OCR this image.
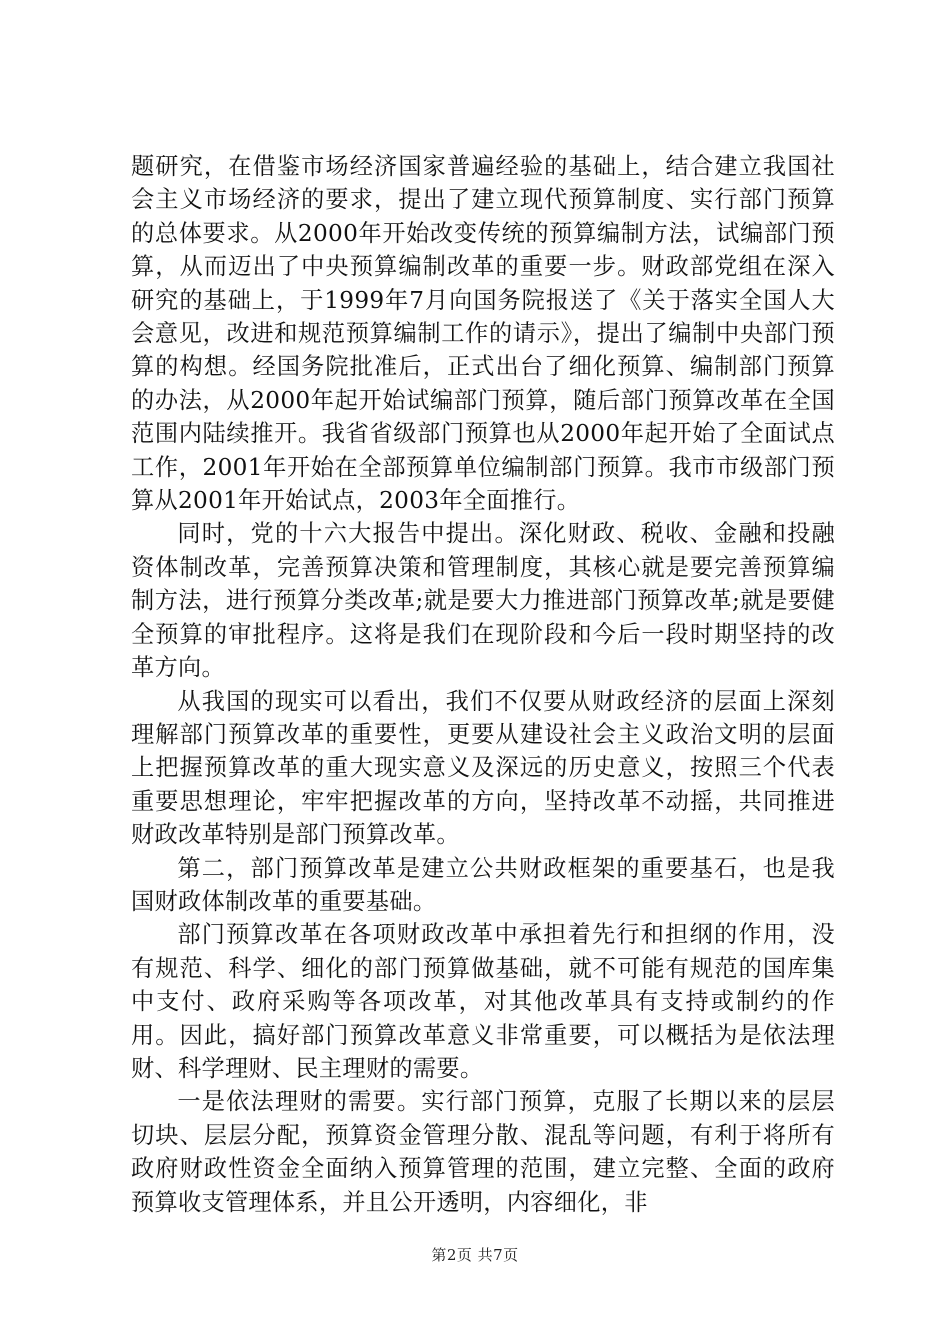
题研究，在借鉴市场经济国家普遍经验的基础上，结合建立我国社会主义市场经济的要求，提出了建立现代预算制度、实行部门预算的总体要求。从2000年开始改变传统的预算编制方法，试编部门预算，从而迈出了中央预算编制改革的重要一步。财政部党组在深入研究的基础上，于1999年7月向国务院报送了《关于落实全国人大会意见，改进和规范预算编制工作的请示》，提出了编制中央部门预算的构想。经国务院批准后，正式出台了细化预算、编制部门预算的办法，从2000年起开始试编部门预算，随后部门预算改革在全国范围内陆续推开。我省省级部门预算也从2000年起开始了全面试点工作，2001年开始在全部预算单位编制部门预算。我市市级部门预算从2001年开始试点，2003年全面推行。

同时，党的十六大报告中提出。深化财政、税收、金融和投融资体制改革，完善预算决策和管理制度，其核心就是要完善预算编制方法，进行预算分类改革;就是要大力推进部门预算改革;就是要健全预算的审批程序。这将是我们在现阶段和今后一段时期坚持的改革方向。

从我国的现实可以看出，我们不仅要从财政经济的层面上深刻理解部门预算改革的重要性，更要从建设社会主义政治文明的层面上把握预算改革的重大现实意义及深远的历史意义，按照三个代表重要思想理论，牢牢把握改革的方向，坚持改革不动摇，共同推进财政改革特别是部门预算改革。

第二，部门预算改革是建立公共财政框架的重要基石，也是我国财政体制改革的重要基础。

部门预算改革在各项财政改革中承担着先行和担纲的作用，没有规范、科学、细化的部门预算做基础，就不可能有规范的国库集中支付、政府采购等各项改革，对其他改革具有支持或制约的作用。因此，搞好部门预算改革意义非常重要，可以概括为是依法理财、科学理财、民主理财的需要。

一是依法理财的需要。实行部门预算，克服了长期以来的层层切块、层层分配，预算资金管理分散、混乱等问题，有利于将所有政府财政性资金全面纳入预算管理的范围，建立完整、全面的政府预算收支管理体系，并且公开透明，内容细化，非

第2页 共7页
